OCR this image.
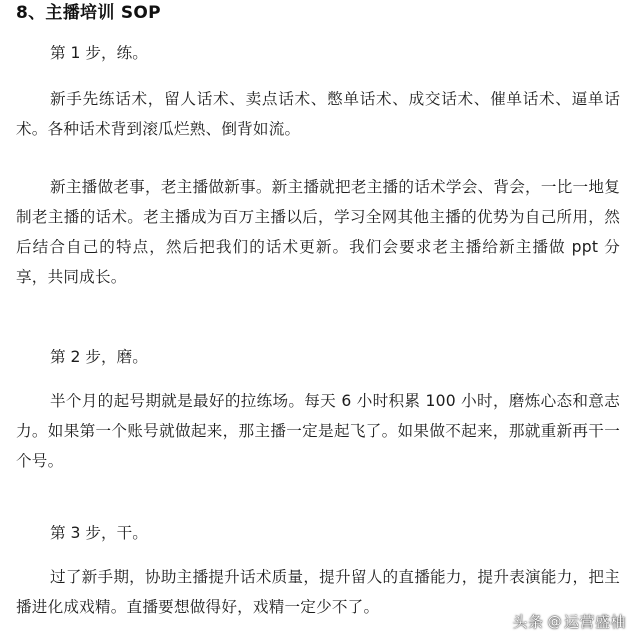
8、主播培训 SOP

第 1 步，练。

新手先练话术，留人话术、卖点话术、憋单话术、成交话术、催单话术、逼单话术。各种话术背到滚瓜烂熟、倒背如流。

新主播做老事，老主播做新事。新主播就把老主播的话术学会、背会，一比一地复制老主播的话术。老主播成为百万主播以后，学习全网其他主播的优势为自己所用，然后结合自己的特点，然后把我们的话术更新。我们会要求老主播给新主播做 ppt 分享，共同成长。

第 2 步，磨。

半个月的起号期就是最好的拉练场。每天 6 小时积累 100 小时，磨炼心态和意志力。如果第一个账号就做起来，那主播一定是起飞了。如果做不起来，那就重新再干一个号。

第 3 步，干。

过了新手期，协助主播提升话术质量，提升留人的直播能力，提升表演能力，把主播进化成戏精。直播要想做得好，戏精一定少不了。

头条 @ 运营盛柚
